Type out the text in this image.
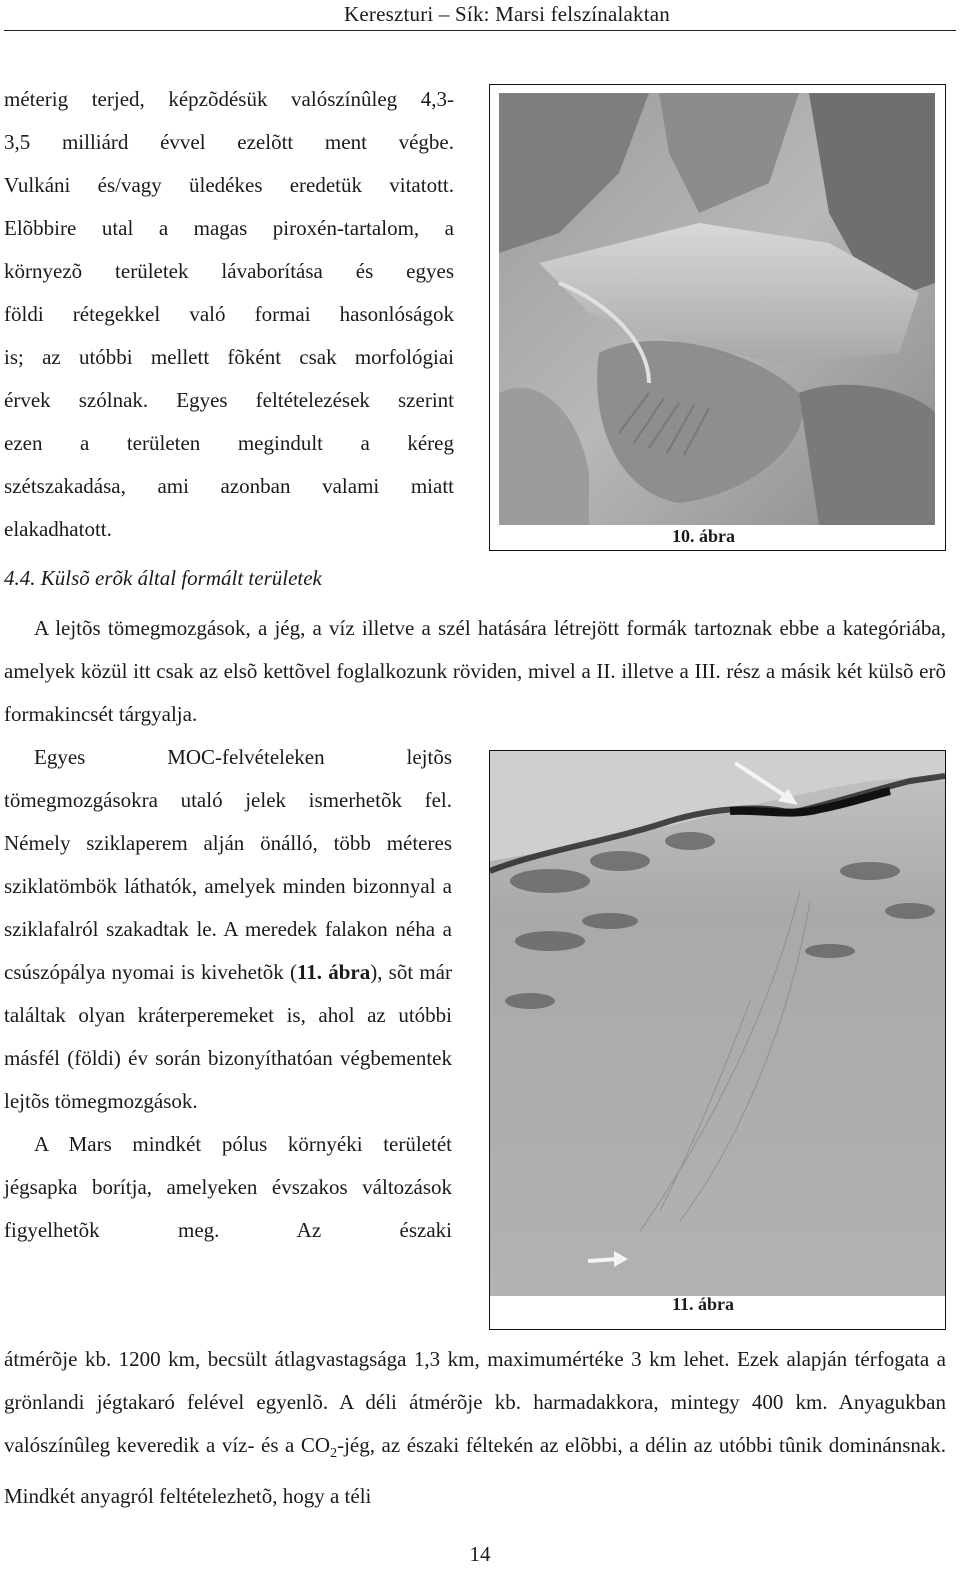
Kereszturi – Sík: Marsi felszínalaktan
méterig terjed, képzõdésük valószínûleg 4,3-
3,5 milliárd évvel ezelõtt ment végbe.
Vulkáni és/vagy üledékes eredetük vitatott.
Elõbbire utal a magas piroxén-tartalom, a
környezõ területek lávaborítása és egyes
földi rétegekkel való formai hasonlóságok
is; az utóbbi mellett fõként csak morfológiai
érvek szólnak. Egyes feltételezések szerint
ezen a területen megindult a kéreg
szétszakadása, ami azonban valami miatt
elakadhatott.	10. ábra
4.4. Külsõ erõk által formált területek

A lejtõs tömegmozgások, a jég, a víz illetve a szél hatására létrejött formák tartoznak ebbe a kategóriába, amelyek közül itt csak az elsõ kettõvel foglalkozunk röviden, mivel a II. illetve a III. rész a másik két külsõ erõ formakincsét tárgyalja.

Egyes MOC-felvételeken lejtõs tömegmozgásokra utaló jelek ismerhetõk fel. Némely sziklaperem alján önálló, több méteres sziklatömbök láthatók, amelyek minden bizonnyal a sziklafalról szakadtak le. A meredek falakon néha a csúszópálya nyomai is kivehetõk (11. ábra), sõt már találtak olyan kráterperemeket is, ahol az utóbbi másfél (földi) év során bizonyíthatóan végbementek lejtõs tömegmozgások.

A Mars mindkét pólus környéki területét jégsapka borítja, amelyeken évszakos változások figyelhetõk meg. Az északi

11. ábra

átmérõje kb. 1200 km, becsült átlagvastagsága 1,3 km, maximumértéke 3 km lehet. Ezek alapján térfogata a grönlandi jégtakaró felével egyenlõ. A déli átmérõje kb. harmadakkora, mintegy 400 km. Anyagukban valószínûleg keveredik a víz- és a $CO_2$-jég, az északi féltekén az elõbbi, a délin az utóbbi tûnik dominánsnak. Mindkét anyagról feltételezhetõ, hogy a téli

14
